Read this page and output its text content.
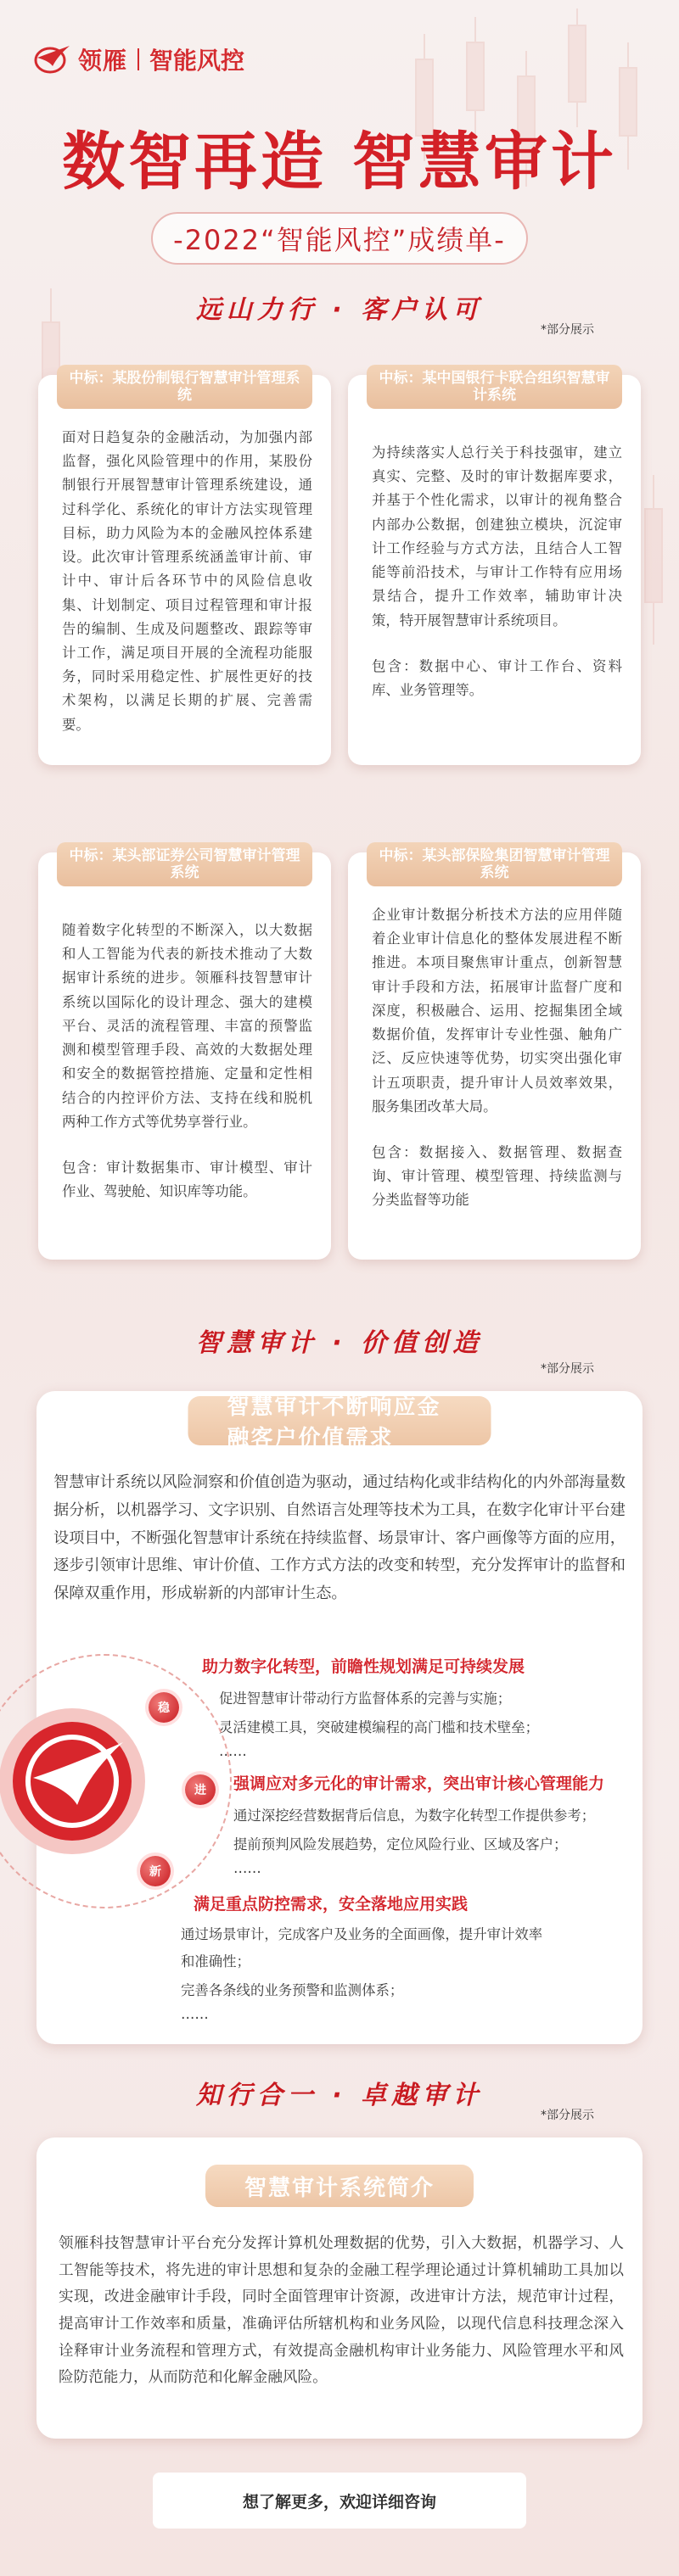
领雁 智能风控
数智再造 智慧审计
-2022“智能风控”成绩单-
远山力行 · 客户认可
*部分展示
中标：某股份制银行智慧审计管理系统

面对日趋复杂的金融活动，为加强内部监督，强化风险管理中的作用，某股份制银行开展智慧审计管理系统建设，通过科学化、系统化的审计方法实现管理目标，助力风险为本的金融风控体系建设。此次审计管理系统涵盖审计前、审计中、审计后各环节中的风险信息收集、计划制定、项目过程管理和审计报告的编制、生成及问题整改、跟踪等审计工作，满足项目开展的全流程功能服务，同时采用稳定性、扩展性更好的技术架构，以满足长期的扩展、完善需要。

中标：某中国银行卡联合组织智慧审计系统

为持续落实人总行关于科技强审，建立真实、完整、及时的审计数据库要求，并基于个性化需求，以审计的视角整合内部办公数据，创建独立模块，沉淀审计工作经验与方式方法，且结合人工智能等前沿技术，与审计工作特有应用场景结合，提升工作效率，辅助审计决策，特开展智慧审计系统项目。

包含：数据中心、审计工作台、资料库、业务管理等。

中标：某头部证券公司智慧审计管理系统

随着数字化转型的不断深入，以大数据和人工智能为代表的新技术推动了大数据审计系统的进步。领雁科技智慧审计系统以国际化的设计理念、强大的建模平台、灵活的流程管理、丰富的预警监测和模型管理手段、高效的大数据处理和安全的数据管控措施、定量和定性相结合的内控评价方法、支持在线和脱机两种工作方式等优势享誉行业。

包含：审计数据集市、审计模型、审计作业、驾驶舱、知识库等功能。

中标：某头部保险集团智慧审计管理系统

企业审计数据分析技术方法的应用伴随着企业审计信息化的整体发展进程不断推进。本项目聚焦审计重点，创新智慧审计手段和方法，拓展审计监督广度和深度，积极融合、运用、挖掘集团全域数据价值，发挥审计专业性强、触角广泛、反应快速等优势，切实突出强化审计五项职责，提升审计人员效率效果，服务集团改革大局。

包含：数据接入、数据管理、数据查询、审计管理、模型管理、持续监测与分类监督等功能

智慧审计 · 价值创造
*部分展示
智慧审计不断响应金融客户价值需求
智慧审计系统以风险洞察和价值创造为驱动，通过结构化或非结构化的内外部海量数据分析，以机器学习、文字识别、自然语言处理等技术为工具，在数字化审计平台建设项目中，不断强化智慧审计系统在持续监督、场景审计、客户画像等方面的应用，逐步引领审计思维、审计价值、工作方式方法的改变和转型，充分发挥审计的监督和保障双重作用，形成崭新的内部审计生态。
稳
进
新
助力数字化转型，前瞻性规划满足可持续发展
促进智慧审计带动行方监督体系的完善与实施；
灵活建模工具，突破建模编程的高门槛和技术壁垒；
……
强调应对多元化的审计需求，突出审计核心管理能力
通过深挖经营数据背后信息，为数字化转型工作提供参考；
提前预判风险发展趋势，定位风险行业、区域及客户；
……
满足重点防控需求，安全落地应用实践
通过场景审计，完成客户及业务的全面画像，提升审计效率
和准确性；
完善各条线的业务预警和监测体系；
……
知行合一 · 卓越审计
*部分展示
智慧审计系统简介
领雁科技智慧审计平台充分发挥计算机处理数据的优势，引入大数据，机器学习、人工智能等技术，将先进的审计思想和复杂的金融工程学理论通过计算机辅助工具加以实现，改进金融审计手段，同时全面管理审计资源，改进审计方法，规范审计过程，提高审计工作效率和质量，准确评估所辖机构和业务风险，以现代信息科技理念深入诠释审计业务流程和管理方式，有效提高金融机构审计业务能力、风险管理水平和风险防范能力，从而防范和化解金融风险。
想了解更多，欢迎详细咨询
